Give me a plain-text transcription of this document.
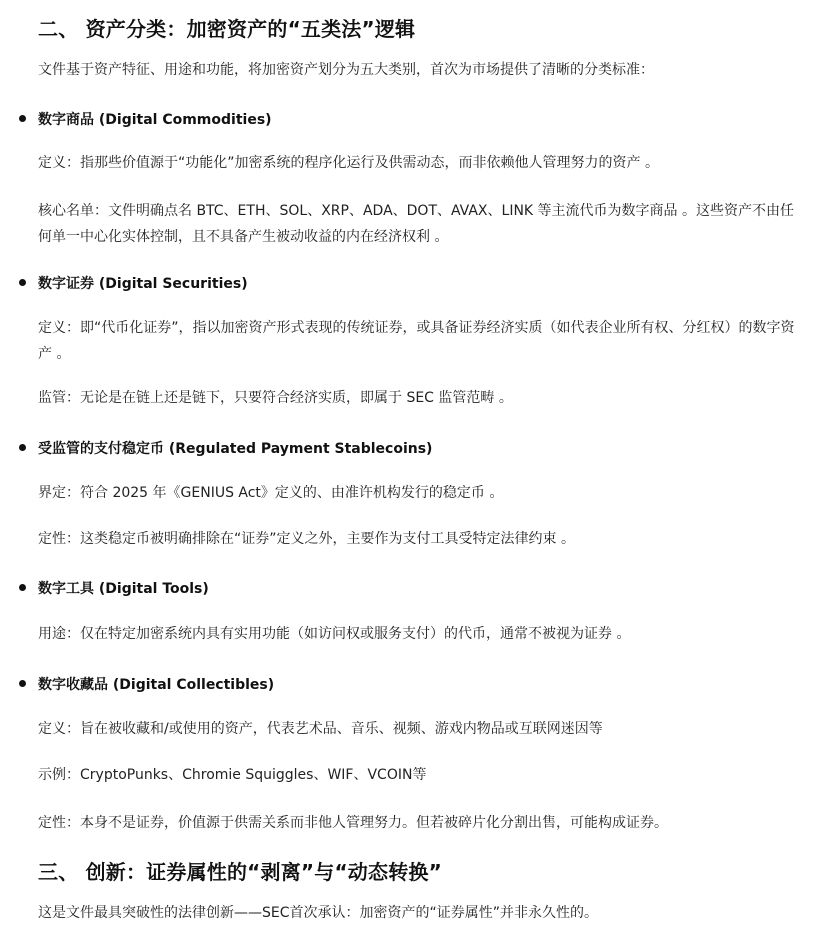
二、 资产分类：加密资产的“五类法”逻辑
文件基于资产特征、用途和功能，将加密资产划分为五大类别，首次为市场提供了清晰的分类标准：
数字商品 (Digital Commodities)
定义：指那些价值源于“功能化”加密系统的程序化运行及供需动态，而非依赖他人管理努力的资产 。
核心名单：文件明确点名 BTC、ETH、SOL、XRP、ADA、DOT、AVAX、LINK 等主流代币为数字商品 。这些资产不由任何单一中心化实体控制，且不具备产生被动收益的内在经济权利 。
数字证券 (Digital Securities)
定义：即“代币化证券”，指以加密资产形式表现的传统证券，或具备证券经济实质（如代表企业所有权、分红权）的数字资产 。
监管：无论是在链上还是链下，只要符合经济实质，即属于 SEC 监管范畴 。
受监管的支付稳定币 (Regulated Payment Stablecoins)
界定：符合 2025 年《GENIUS Act》定义的、由准许机构发行的稳定币 。
定性：这类稳定币被明确排除在“证券”定义之外，主要作为支付工具受特定法律约束 。
数字工具 (Digital Tools)
用途：仅在特定加密系统内具有实用功能（如访问权或服务支付）的代币，通常不被视为证券 。
数字收藏品 (Digital Collectibles)
定义：旨在被收藏和/或使用的资产，代表艺术品、音乐、视频、游戏内物品或互联网迷因等
示例：CryptoPunks、Chromie Squiggles、WIF、VCOIN等
定性：本身不是证券，价值源于供需关系而非他人管理努力。但若被碎片化分割出售，可能构成证券。
三、 创新：证券属性的“剥离”与“动态转换”
这是文件最具突破性的法律创新——SEC首次承认：加密资产的“证券属性”并非永久性的。
